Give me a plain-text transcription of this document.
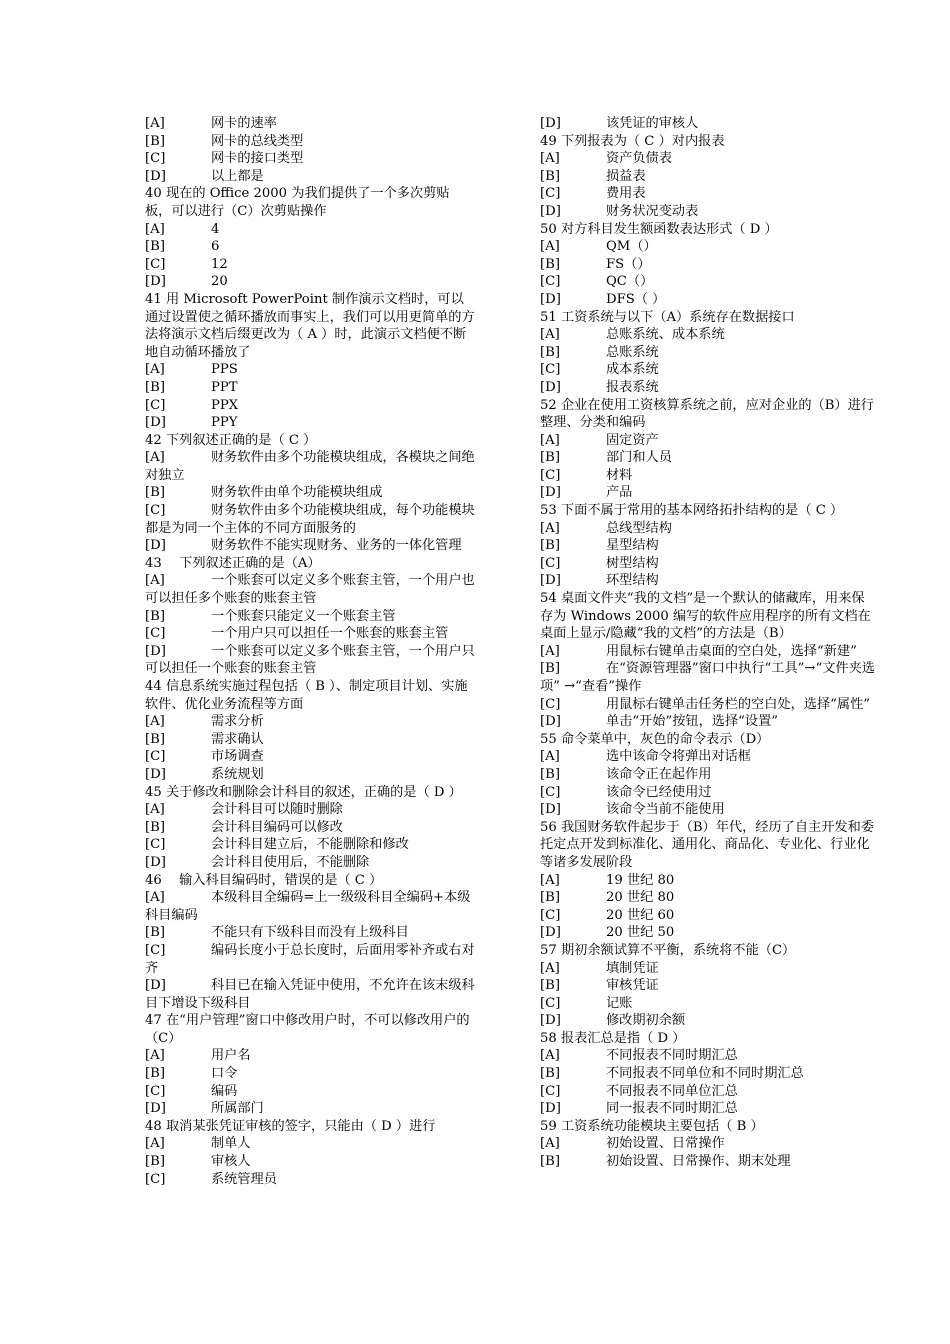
[A]	网卡的速率
[B]	网卡的总线类型
[C]	网卡的接口类型
[D]	以上都是
40 现在的 Office 2000 为我们提供了一个多次剪贴板，可以进行（C）次剪贴操作
[A]	4
[B]	6
[C]	12
[D]	20
41 用 Microsoft PowerPoint 制作演示文档时，可以通过设置使之循环播放而事实上，我们可以用更简单的方法将演示文档后缀更改为（ A ）时，此演示文档便不断地自动循环播放了
[A]	PPS
[B]	PPT
[C]	PPX
[D]	PPY
42 下列叙述正确的是（ C ）
[A]	财务软件由多个功能模块组成，各模块之间绝对独立
[B]	财务软件由单个功能模块组成
[C]	财务软件由多个功能模块组成，每个功能模块都是为同一个主体的不同方面服务的
[D]	财务软件不能实现财务、业务的一体化管理
43　 下列叙述正确的是（A）
[A]	一个账套可以定义多个账套主管，一个用户也可以担任多个账套的账套主管
[B]	一个账套只能定义一个账套主管
[C]	一个用户只可以担任一个账套的账套主管
[D]	一个账套可以定义多个账套主管，一个用户只可以担任一个账套的账套主管
44 信息系统实施过程包括（ B ）、制定项目计划、实施软件、优化业务流程等方面
[A]	需求分析
[B]	需求确认
[C]	市场调查
[D]	系统规划
45 关于修改和删除会计科目的叙述，正确的是（ D ）
[A]	会计科目可以随时删除
[B]	会计科目编码可以修改
[C]	会计科目建立后，不能删除和修改
[D]	会计科目使用后，不能删除
46　 输入科目编码时，错误的是（ C ）
[A]	本级科目全编码=上一级级科目全编码+本级科目编码
[B]	不能只有下级科目而没有上级科目
[C]	编码长度小于总长度时，后面用零补齐或右对齐
[D]	科目已在输入凭证中使用，不允许在该末级科目下增设下级科目
47 在“用户管理”窗口中修改用户时，不可以修改用户的（C）
[A]	用户名
[B]	口令
[C]	编码
[D]	所属部门
48 取消某张凭证审核的签字，只能由（ D ）进行
[A]	制单人
[B]	审核人
[C]	系统管理员
[D]	该凭证的审核人
49 下列报表为（ C ）对内报表
[A]	资产负债表
[B]	损益表
[C]	费用表
[D]	财务状况变动表
50 对方科目发生额函数表达形式（ D ）
[A]	QM（）
[B]	FS（）
[C]	QC（）
[D]	DFS（ ）
51 工资系统与以下（A）系统存在数据接口
[A]	总账系统、成本系统
[B]	总账系统
[C]	成本系统
[D]	报表系统
52 企业在使用工资核算系统之前，应对企业的（B）进行整理、分类和编码
[A]	固定资产
[B]	部门和人员
[C]	材料
[D]	产品
53 下面不属于常用的基本网络拓扑结构的是（ C ）
[A]	总线型结构
[B]	星型结构
[C]	树型结构
[D]	环型结构
54 桌面文件夹“我的文档”是一个默认的储藏库，用来保存为 Windows 2000 编写的软件应用程序的所有文档在桌面上显示/隐藏“我的文档”的方法是（B）
[A]	用鼠标右键单击桌面的空白处，选择“新建”
[B]	在“资源管理器”窗口中执行“工具”→“文件夹选项” →“查看”操作
[C]	用鼠标右键单击任务栏的空白处，选择“属性”
[D]	单击“开始”按钮，选择“设置”
55 命令菜单中，灰色的命令表示（D）
[A]	选中该命令将弹出对话框
[B]	该命令正在起作用
[C]	该命令已经使用过
[D]	该命令当前不能使用
56 我国财务软件起步于（B）年代，经历了自主开发和委托定点开发到标准化、通用化、商品化、专业化、行业化等诸多发展阶段
[A]	19 世纪 80
[B]	20 世纪 80
[C]	20 世纪 60
[D]	20 世纪 50
57 期初余额试算不平衡，系统将不能（C）
[A]	填制凭证
[B]	审核凭证
[C]	记账
[D]	修改期初余额
58 报表汇总是指（ D ）
[A]	不同报表不同时期汇总
[B]	不同报表不同单位和不同时期汇总
[C]	不同报表不同单位汇总
[D]	同一报表不同时期汇总
59 工资系统功能模块主要包括（ B ）
[A]	初始设置、日常操作
[B]	初始设置、日常操作、期末处理
